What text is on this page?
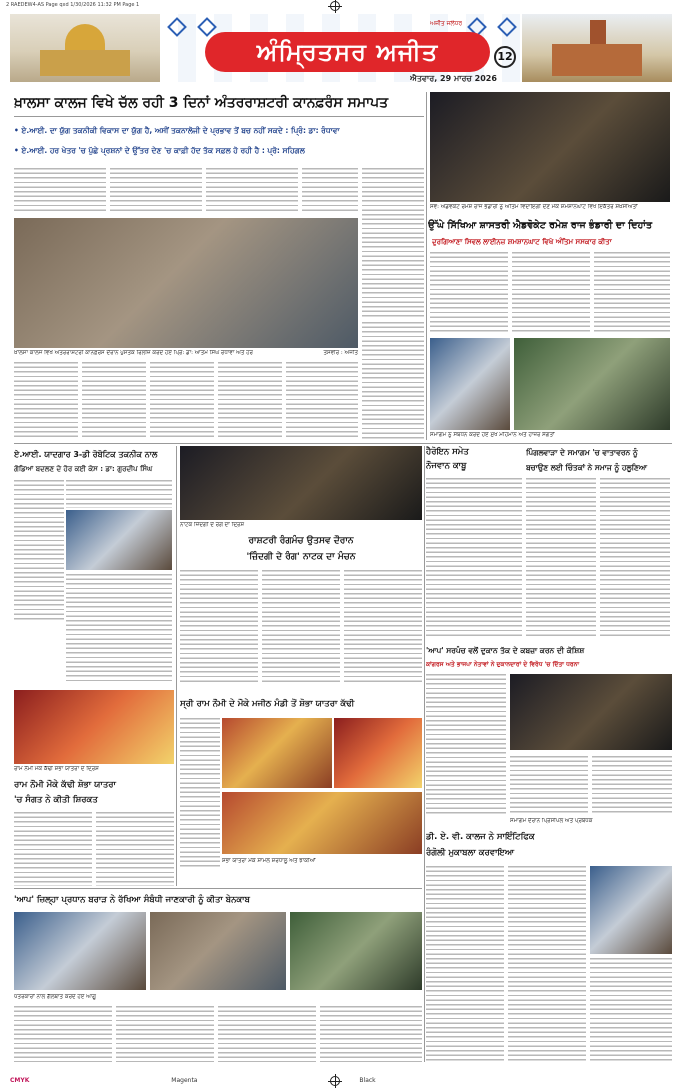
2 RAEDEW4-AS Page qxd 1/30/2026 11:32 PM Page 1
ਅੰਮ੍ਰਿਤਸਰ ਅਜੀਤ
ਅਜੀਤ ਜਲੰਧਰ
ਐਤਵਾਰ, 29 ਮਾਰਚ 2026
12
ਖ਼ਾਲਸਾ ਕਾਲਜ ਵਿਖੇ ਚੱਲ ਰਹੀ 3 ਦਿਨਾਂ ਅੰਤਰਰਾਸ਼ਟਰੀ ਕਾਨਫ਼ਰੰਸ ਸਮਾਪਤ
• ਏ.ਆਈ. ਦਾ ਯੁੱਗ ਤਕਨੀਕੀ ਵਿਕਾਸ ਦਾ ਯੁੱਗ ਹੈ, ਅਸੀਂ ਤਕਨਾਲੋਜੀ ਦੇ ਪ੍ਰਭਾਵ ਤੋਂ ਬਚ ਨਹੀਂ ਸਕਦੇ : ਪ੍ਰਿੰ: ਡਾ: ਰੰਧਾਵਾ
• ਏ.ਆਈ. ਹਰ ਖੇਤਰ 'ਚ ਪੁੱਛੇ ਪ੍ਰਸ਼ਨਾਂ ਦੇ ਉੱਤਰ ਦੇਣ 'ਚ ਕਾਫ਼ੀ ਹੱਦ ਤੱਕ ਸਫ਼ਲ ਹੋ ਰਹੀ ਹੈ : ਪ੍ਰੋ: ਸਹਿਗਲ
ਖ਼ਾਲਸਾ ਕਾਲਜ ਵਿਖੇ ਅੰਤਰਰਾਸ਼ਟਰੀ ਕਾਨਫ਼ਰੰਸ ਦੌਰਾਨ ਪੁਸਤਕ ਰਿਲੀਜ਼ ਕਰਦੇ ਹੋਏ ਪ੍ਰਿੰ: ਡਾ: ਆਤਮ ਸਿੰਘ ਰੰਧਾਵਾ ਅਤੇ ਹੋਰ	ਤਸਵੀਰ : ਅਜੀਤ
ਸਵ: ਐਡਵੋਕੇਟ ਰਮੇਸ਼ ਰਾਜ ਭੰਡਾਰੀ ਨੂੰ ਅੰਤਿਮ ਵਿਦਾਇਗੀ ਦੇਣ ਮੌਕੇ ਸ਼ਮਸ਼ਾਨਘਾਟ ਵਿਖੇ ਇਕੱਤਰ ਸ਼ਖ਼ਸੀਅਤਾਂ
ਉੱਘੇ ਸਿੱਖਿਆ ਸ਼ਾਸਤਰੀ ਐਡਵੋਕੇਟ ਰਮੇਸ਼ ਰਾਜ ਭੰਡਾਰੀ ਦਾ ਦਿਹਾਂਤ
ਦੁਰਗਿਆਣਾ ਸਿਵਲ ਲਾਈਨਜ਼ ਸ਼ਮਸ਼ਾਨਘਾਟ ਵਿਖੇ ਅੰਤਿਮ ਸਸਕਾਰ ਕੀਤਾ
ਸਮਾਗਮ ਨੂੰ ਸੰਬੋਧਨ ਕਰਦੇ ਹੋਏ ਮੁੱਖ ਮਹਿਮਾਨ ਅਤੇ ਹਾਜ਼ਰ ਸੰਗਤਾਂ
ਏ.ਆਈ. ਯਾਦਗਾਰ 3-ਡੀ ਰੋਬੋਟਿਕ ਤਕਨੀਕ ਨਾਲ
ਗੋਡਿਆਂ ਬਦਲਣ ਦੇ ਹੋਰ ਕਈ ਕੇਸ : ਡਾ: ਗੁਰਦੀਪ ਸਿੰਘ
ਨਾਟਕ ਜ਼ਿੰਦਗੀ ਦੇ ਰੰਗ ਦਾ ਦ੍ਰਿਸ਼
ਰਾਸ਼ਟਰੀ ਰੰਗਮੰਚ ਉਤਸਵ ਦੌਰਾਨ
'ਜ਼ਿੰਦਗੀ ਦੇ ਰੰਗ' ਨਾਟਕ ਦਾ ਮੰਚਨ
ਹੈਰੋਇਨ ਸਮੇਤ
ਨੌਜਵਾਨ ਕਾਬੂ
ਪਿੰਗਲਵਾੜਾ ਦੇ ਸਮਾਗਮ 'ਚ ਵਾਤਾਵਰਨ ਨੂੰ
ਬਚਾਉਣ ਲਈ ਚਿੰਤਕਾਂ ਨੇ ਸਮਾਜ ਨੂੰ ਹਲੂਣਿਆ
'ਆਪ' ਸਰਪੰਚ ਵਲੋਂ ਦੁਕਾਨ ਤੱਕ ਦੇ ਕਬਜ਼ਾ ਕਰਨ ਦੀ ਕੋਸ਼ਿਸ਼
ਕਾਂਗਰਸ ਅਤੇ ਭਾਜਪਾ ਨੇਤਾਵਾਂ ਨੇ ਦੁਕਾਨਦਾਰਾਂ ਦੇ ਵਿਰੋਧ 'ਚ ਦਿੱਤਾ ਧਰਨਾ
ਰਾਮ ਨੌਮੀ ਮੌਕੇ ਕੱਢੀ ਸ਼ੋਭਾ ਯਾਤਰਾ ਦੇ ਦ੍ਰਿਸ਼
ਰਾਮ ਨੌਮੀ ਮੌਕੇ ਕੱਢੀ ਸ਼ੋਭਾ ਯਾਤਰਾ
'ਚ ਸੰਗਤ ਨੇ ਕੀਤੀ ਸ਼ਿਰਕਤ
ਸ੍ਰੀ ਰਾਮ ਨੌਮੀ ਦੇ ਮੌਕੇ ਮਜੀਠ ਮੰਡੀ ਤੋਂ ਸ਼ੋਭਾ ਯਾਤਰਾ ਕੱਢੀ
ਸ਼ੋਭਾ ਯਾਤਰਾ ਮੌਕੇ ਸ਼ਾਮਲ ਸ਼ਰਧਾਲੂ ਅਤੇ ਝਾਕੀਆਂ
ਸਮਾਗਮ ਦੌਰਾਨ ਪ੍ਰਿੰਸੀਪਲ ਅਤੇ ਪ੍ਰਬੰਧਕ
ਡੀ. ਏ. ਵੀ. ਕਾਲਜ ਨੇ ਸਾਇੰਟਿਫਿਕ
ਰੰਗੋਲੀ ਮੁਕਾਬਲਾ ਕਰਵਾਇਆ
'ਆਪ' ਜ਼ਿਲ੍ਹਾ ਪ੍ਰਧਾਨ ਬਰਾੜ ਨੇ ਰੱਖਿਆ ਸੰਬੰਧੀ ਜਾਣਕਾਰੀ ਨੂੰ ਕੀਤਾ ਬੇਨਕਾਬ
ਪੱਤਰਕਾਰਾਂ ਨਾਲ ਗੱਲਬਾਤ ਕਰਦੇ ਹੋਏ ਆਗੂ
CMYK	Magenta	Black
